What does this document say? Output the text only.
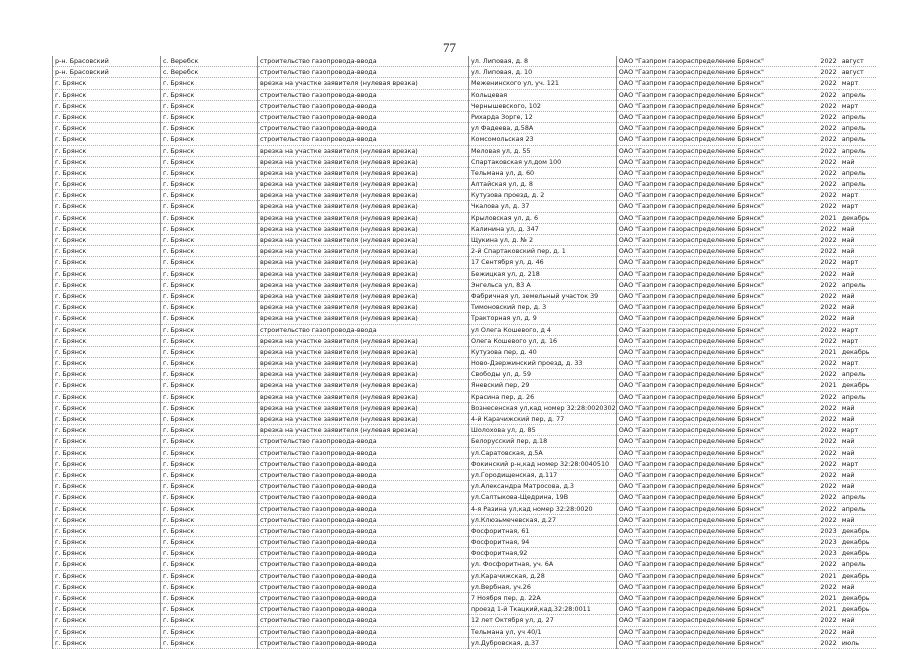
77
р-н. Брасовский	с. Веребск	строительство газопровода-ввода	ул. Липовая, д. 8	ОАО "Газпром газораспределение Брянск"	2022	август
р-н. Брасовский	с. Веребск	строительство газопровода-ввода	ул. Липовая, д. 10	ОАО "Газпром газораспределение Брянск"	2022	август
г. Брянск	г. Брянск	врезка на участке заявителя (нулевая врезка)	Меженинского ул, уч. 121	ОАО "Газпром газораспределение Брянск"	2022	март
г. Брянск	г. Брянск	строительство газопровода-ввода	Кольцевая	ОАО "Газпром газораспределение Брянск"	2022	апрель
г. Брянск	г. Брянск	строительство газопровода-ввода	Чернышевского, 102	ОАО "Газпром газораспределение Брянск"	2022	март
г. Брянск	г. Брянск	строительство газопровода-ввода	Рихарда Зорге, 12	ОАО "Газпром газораспределение Брянск"	2022	апрель
г. Брянск	г. Брянск	строительство газопровода-ввода	ул Фадеева, д.58А	ОАО "Газпром газораспределение Брянск"	2022	апрель
г. Брянск	г. Брянск	строительство газопровода-ввода	Комсомольская 23	ОАО "Газпром газораспределение Брянск"	2022	апрель
г. Брянск	г. Брянск	врезка на участке заявителя (нулевая врезка)	Меловая ул, д. 55	ОАО "Газпром газораспределение Брянск"	2022	апрель
г. Брянск	г. Брянск	врезка на участке заявителя (нулевая врезка)	Спартаковская ул,дом 100	ОАО "Газпром газораспределение Брянск"	2022	май
г. Брянск	г. Брянск	врезка на участке заявителя (нулевая врезка)	Тельмана ул, д. 60	ОАО "Газпром газораспределение Брянск"	2022	апрель
г. Брянск	г. Брянск	врезка на участке заявителя (нулевая врезка)	Алтайская ул, д. 8	ОАО "Газпром газораспределение Брянск"	2022	апрель
г. Брянск	г. Брянск	врезка на участке заявителя (нулевая врезка)	Кутузова проезд, д. 2	ОАО "Газпром газораспределение Брянск"	2022	март
г. Брянск	г. Брянск	врезка на участке заявителя (нулевая врезка)	Чкалова ул, д. 37	ОАО "Газпром газораспределение Брянск"	2022	март
г. Брянск	г. Брянск	врезка на участке заявителя (нулевая врезка)	Крыловская ул, д. 6	ОАО "Газпром газораспределение Брянск"	2021	декабрь
г. Брянск	г. Брянск	врезка на участке заявителя (нулевая врезка)	Калинина ул, д. 347	ОАО "Газпром газораспределение Брянск"	2022	май
г. Брянск	г. Брянск	врезка на участке заявителя (нулевая врезка)	Щукина ул, д. № 2	ОАО "Газпром газораспределение Брянск"	2022	май
г. Брянск	г. Брянск	врезка на участке заявителя (нулевая врезка)	2-й Спартаковский пер, д. 1	ОАО "Газпром газораспределение Брянск"	2022	май
г. Брянск	г. Брянск	врезка на участке заявителя (нулевая врезка)	17 Сентября ул, д. 46	ОАО "Газпром газораспределение Брянск"	2022	март
г. Брянск	г. Брянск	врезка на участке заявителя (нулевая врезка)	Бежицкая ул, д. 218	ОАО "Газпром газораспределение Брянск"	2022	май
г. Брянск	г. Брянск	врезка на участке заявителя (нулевая врезка)	Энгельса ул, 83 А	ОАО "Газпром газораспределение Брянск"	2022	апрель
г. Брянск	г. Брянск	врезка на участке заявителя (нулевая врезка)	Фабричная ул, земельный участок 39	ОАО "Газпром газораспределение Брянск"	2022	май
г. Брянск	г. Брянск	врезка на участке заявителя (нулевая врезка)	Тимоновский пер, д. 3	ОАО "Газпром газораспределение Брянск"	2022	май
г. Брянск	г. Брянск	врезка на участке заявителя (нулевая врезка)	Тракторная ул, д. 9	ОАО "Газпром газораспределение Брянск"	2022	май
г. Брянск	г. Брянск	строительство газопровода-ввода	ул Олега Кошевого, д 4	ОАО "Газпром газораспределение Брянск"	2022	март
г. Брянск	г. Брянск	врезка на участке заявителя (нулевая врезка)	Олега Кошевого ул, д. 16	ОАО "Газпром газораспределение Брянск"	2022	март
г. Брянск	г. Брянск	врезка на участке заявителя (нулевая врезка)	Кутузова пер, д. 40	ОАО "Газпром газораспределение Брянск"	2021	декабрь
г. Брянск	г. Брянск	врезка на участке заявителя (нулевая врезка)	Ново-Дзержинский проезд, д. 33	ОАО "Газпром газораспределение Брянск"	2022	март
г. Брянск	г. Брянск	врезка на участке заявителя (нулевая врезка)	Свободы ул, д. 59	ОАО "Газпром газораспределение Брянск"	2022	апрель
г. Брянск	г. Брянск	врезка на участке заявителя (нулевая врезка)	Яневский пер, 29	ОАО "Газпром газораспределение Брянск"	2021	декабрь
г. Брянск	г. Брянск	врезка на участке заявителя (нулевая врезка)	Красина пер, д. 26	ОАО "Газпром газораспределение Брянск"	2022	апрель
г. Брянск	г. Брянск	врезка на участке заявителя (нулевая врезка)	Вознесенская ул,кад номер 32:28:0020302	ОАО "Газпром газораспределение Брянск"	2022	май
г. Брянск	г. Брянск	врезка на участке заявителя (нулевая врезка)	4-й Карачижский пер, д. 77	ОАО "Газпром газораспределение Брянск"	2022	май
г. Брянск	г. Брянск	врезка на участке заявителя (нулевая врезка)	Шолохова ул, д. 85	ОАО "Газпром газораспределение Брянск"	2022	март
г. Брянск	г. Брянск	строительство газопровода-ввода	Белорусский пер, д.18	ОАО "Газпром газораспределение Брянск"	2022	май
г. Брянск	г. Брянск	строительство газопровода-ввода	ул.Саратовская, д.5А	ОАО "Газпром газораспределение Брянск"	2022	май
г. Брянск	г. Брянск	строительство газопровода-ввода	Фокинский р-н,кад номер 32:28:0040510	ОАО "Газпром газораспределение Брянск"	2022	март
г. Брянск	г. Брянск	строительство газопровода-ввода	ул.Городищенская, д.117	ОАО "Газпром газораспределение Брянск"	2022	май
г. Брянск	г. Брянск	строительство газопровода-ввода	ул.Александра Матросова, д.3	ОАО "Газпром газораспределение Брянск"	2022	май
г. Брянск	г. Брянск	строительство газопровода-ввода	ул.Салтыкова-Щедрина, 19В	ОАО "Газпром газораспределение Брянск"	2022	апрель
г. Брянск	г. Брянск	строительство газопровода-ввода	4-я Разина ул,кад номер 32:28:0020	ОАО "Газпром газораспределение Брянск"	2022	апрель
г. Брянск	г. Брянск	строительство газопровода-ввода	ул.Клюзьмечевская, д.27	ОАО "Газпром газораспределение Брянск"	2022	май
г. Брянск	г. Брянск	строительство газопровода-ввода	Фосфоритная, 61	ОАО "Газпром газораспределение Брянск"	2023	декабрь
г. Брянск	г. Брянск	строительство газопровода-ввода	Фосфоритная, 94	ОАО "Газпром газораспределение Брянск"	2023	декабрь
г. Брянск	г. Брянск	строительство газопровода-ввода	Фосфоритная,92	ОАО "Газпром газораспределение Брянск"	2023	декабрь
г. Брянск	г. Брянск	строительство газопровода-ввода	ул. Фосфоритная, уч. 6А	ОАО "Газпром газораспределение Брянск"	2022	апрель
г. Брянск	г. Брянск	строительство газопровода-ввода	ул.Карачижская, д.28	ОАО "Газпром газораспределение Брянск"	2021	декабрь
г. Брянск	г. Брянск	строительство газопровода-ввода	ул.Вербная, уч.26	ОАО "Газпром газораспределение Брянск"	2022	май
г. Брянск	г. Брянск	строительство газопровода-ввода	7 Ноября пер, д. 22А	ОАО "Газпром газораспределение Брянск"	2021	декабрь
г. Брянск	г. Брянск	строительство газопровода-ввода	проезд 1-й Ткацкий,кад.32:28:0011	ОАО "Газпром газораспределение Брянск"	2021	декабрь
г. Брянск	г. Брянск	строительство газопровода-ввода	12 лет Октября ул, д. 27	ОАО "Газпром газораспределение Брянск"	2022	май
г. Брянск	г. Брянск	строительство газопровода-ввода	Тельмана ул, уч 40/1	ОАО "Газпром газораспределение Брянск"	2022	май
г. Брянск	г. Брянск	строительство газопровода-ввода	ул.Дубровская, д.37	ОАО "Газпром газораспределение Брянск"	2022	июль
